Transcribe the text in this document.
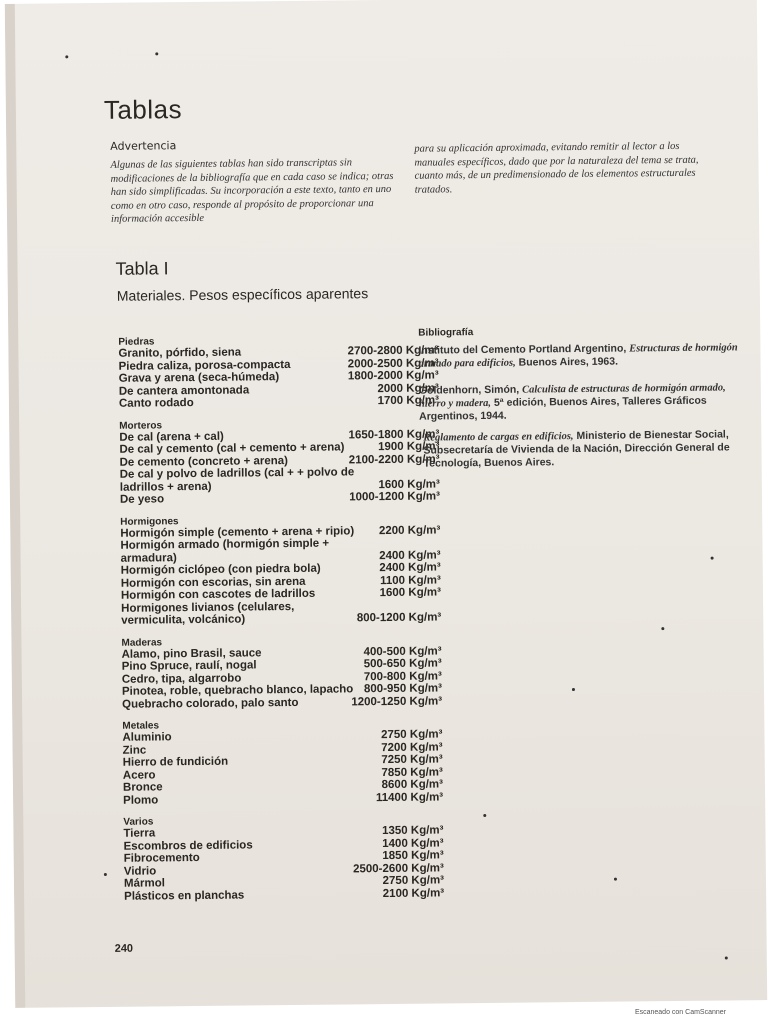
Tablas
Advertencia
Algunas de las siguientes tablas han sido transcriptas sin modificaciones de la bibliografía que en cada caso se indica; otras han sido simplificadas. Su incorporación a este texto, tanto en uno como en otro caso, responde al propósito de proporcionar una información accesible
para su aplicación aproximada, evitando remitir al lector a los manuales específicos, dado que por la naturaleza del tema se trata, cuanto más, de un predimensionado de los elementos estructurales tratados.
Tabla I
Materiales. Pesos específicos aparentes
Piedras
Granito, pórfido, siena	2700-2800 Kg/m³
Piedra caliza, porosa-compacta	2000-2500 Kg/m³
Grava y arena (seca-húmeda)	1800-2000 Kg/m³
De cantera amontonada	2000 Kg/m³
Canto rodado	1700 Kg/m³
Morteros
De cal (arena + cal)	1650-1800 Kg/m³
De cal y cemento (cal + cemento + arena)	1900 Kg/m³
De cemento (concreto + arena)	2100-2200 Kg/m³
De cal y polvo de ladrillos (cal + + polvo de ladrillos + arena)	1600 Kg/m³
De yeso	1000-1200 Kg/m³
Hormigones
Hormigón simple (cemento + arena + ripio)	2200 Kg/m³
Hormigón armado (hormigón simple + armadura)	2400 Kg/m³
Hormigón ciclópeo (con piedra bola)	2400 Kg/m³
Hormigón con escorias, sin arena	1100 Kg/m³
Hormigón con cascotes de ladrillos	1600 Kg/m³
Hormigones livianos (celulares, vermiculita, volcánico)	800-1200 Kg/m³
Maderas
Alamo, pino Brasil, sauce	400-500 Kg/m³
Pino Spruce, raulí, nogal	500-650 Kg/m³
Cedro, tipa, algarrobo	700-800 Kg/m³
Pinotea, roble, quebracho blanco, lapacho 800-950 Kg/m³
Quebracho colorado, palo santo	1200-1250 Kg/m³
Metales
Aluminio	2750 Kg/m³
Zinc	7200 Kg/m³
Hierro de fundición	7250 Kg/m³
Acero	7850 Kg/m³
Bronce	8600 Kg/m³
Plomo	11400 Kg/m³
Varios
Tierra	1350 Kg/m³
Escombros de edificios	1400 Kg/m³
Fibrocemento	1850 Kg/m³
Vidrio	2500-2600 Kg/m³
Mármol	2750 Kg/m³
Plásticos en planchas	2100 Kg/m³
Bibliografía
Instituto del Cemento Portland Argentino, Estructuras de hormigón armado para edificios, Buenos Aires, 1963.
Goldenhorn, Simón, Calculista de estructuras de hormigón armado, hierro y madera, 5ª edición, Buenos Aires, Talleres Gráficos Argentinos, 1944.
Reglamento de cargas en edificios, Ministerio de Bienestar Social, Subsecretaría de Vivienda de la Nación, Dirección General de Tecnología, Buenos Aires.
240
Escaneado con CamScanner
